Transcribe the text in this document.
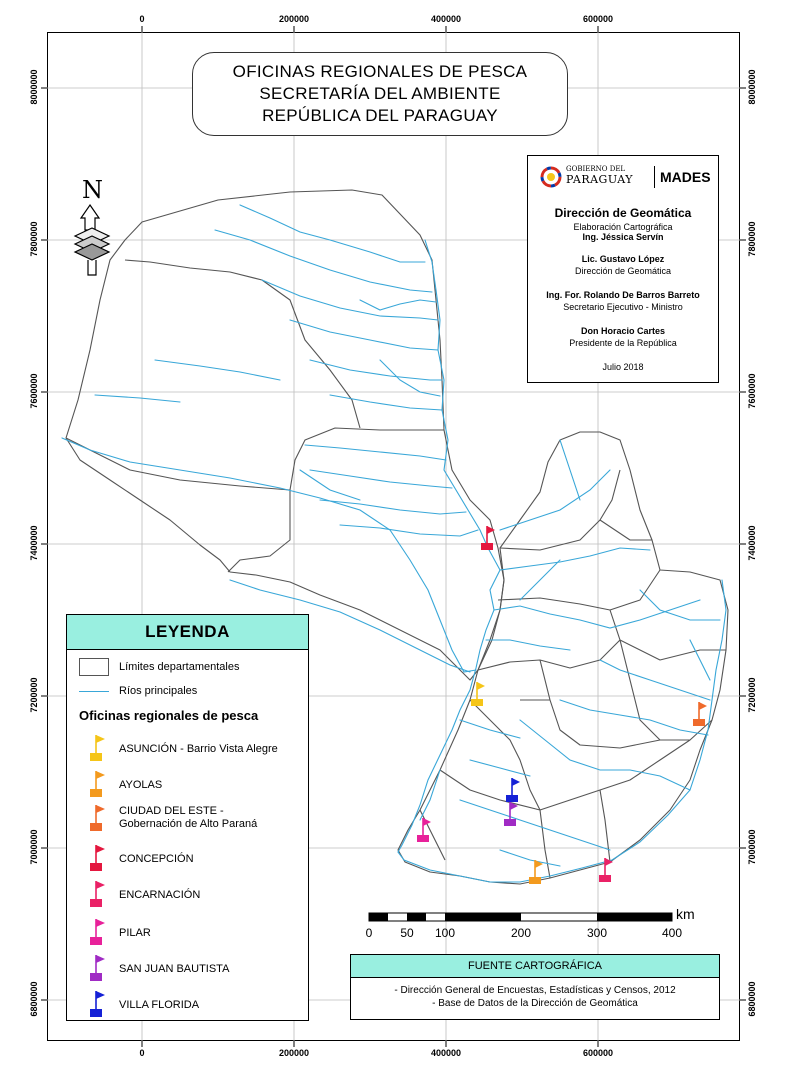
0	200000	400000	600000
0	200000	400000	600000
8000000
7800000
7600000
7400000
7200000
7000000
6800000
8000000
7800000
7600000
7400000
7200000
7000000
6800000
N
OFICINAS REGIONALES DE PESCA
SECRETARÍA DEL AMBIENTE
REPÚBLICA DEL PARAGUAY
GOBIERNO DEL
PARAGUAY MADES
Dirección de Geomática
Elaboración Cartográfica
Ing. Jéssica Servín
Lic. Gustavo López
Dirección de Geomática
Ing. For. Rolando De Barros Barreto
Secretario Ejecutivo - Ministro
Don Horacio Cartes
Presidente de la República
Julio 2018
LEYENDA
Límites departamentales
Ríos principales
Oficinas regionales de pesca
ASUNCIÓN - Barrio Vista Alegre
AYOLAS
CIUDAD DEL ESTE -
Gobernación de Alto Paraná
CONCEPCIÓN
ENCARNACIÓN
PILAR
SAN JUAN BAUTISTA
VILLA FLORIDA
km
0	50	100	200	300	400
FUENTE CARTOGRÁFICA
- Dirección General de Encuestas, Estadísticas y Censos, 2012
- Base de Datos de la Dirección de Geomática
